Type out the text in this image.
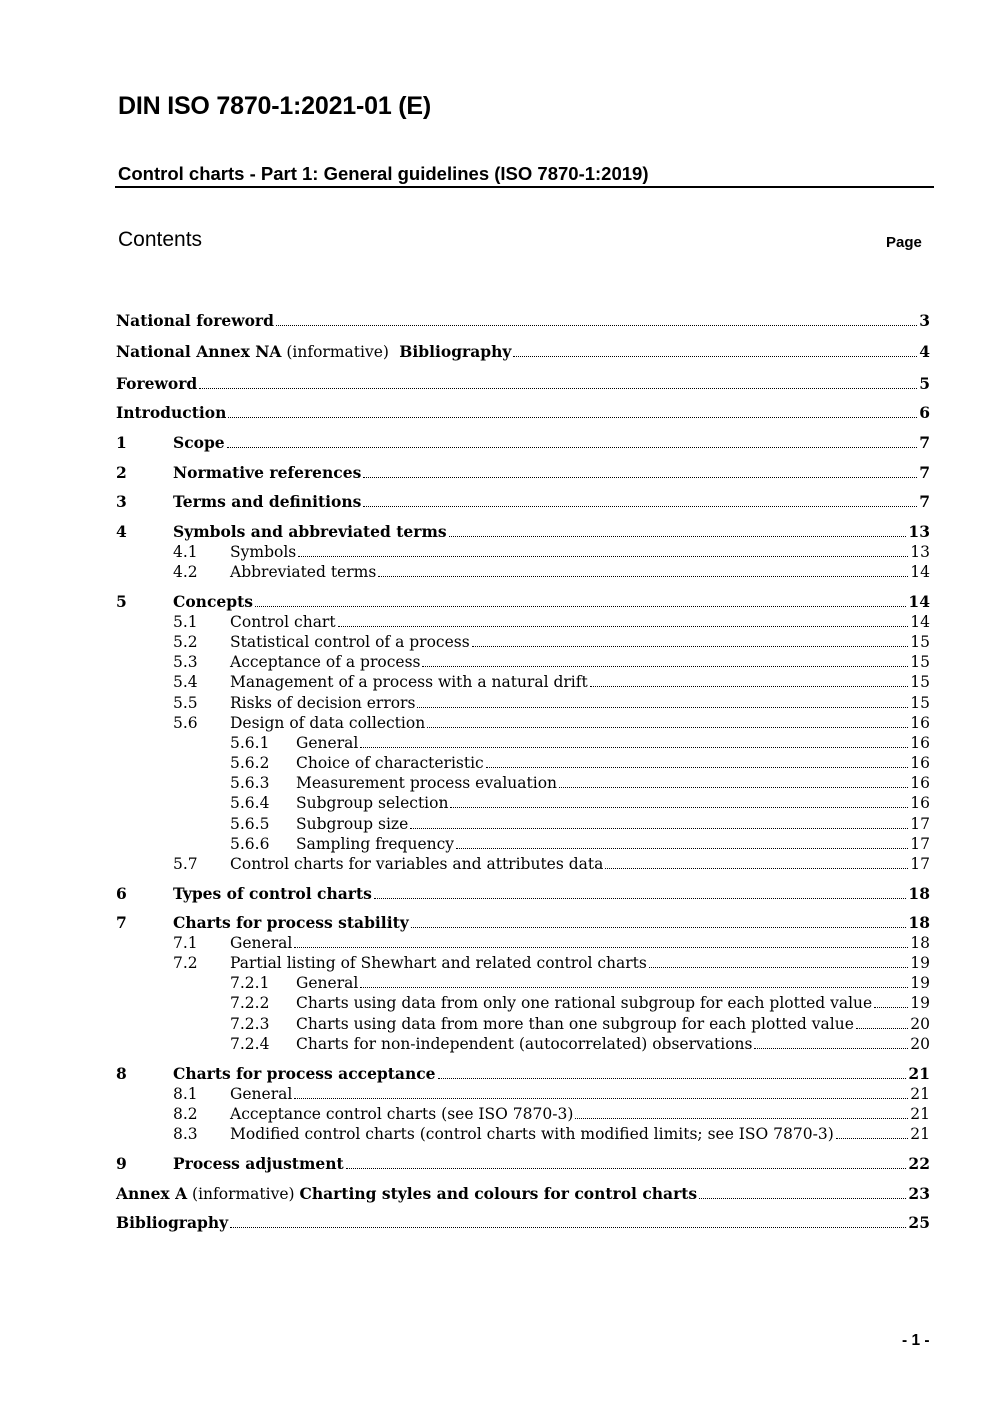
DIN ISO 7870-1:2021-01 (E)
Control charts - Part 1: General guidelines (ISO 7870-1:2019)
Contents	Page
National foreword	3
National Annex NA (informative)  Bibliography	4
Foreword	5
Introduction	6
1	Scope	7
2	Normative references	7
3	Terms and definitions	7
4	Symbols and abbreviated terms	13
4.1	Symbols	13
4.2	Abbreviated terms	14
5	Concepts	14
5.1	Control chart	14
5.2	Statistical control of a process	15
5.3	Acceptance of a process	15
5.4	Management of a process with a natural drift	15
5.5	Risks of decision errors	15
5.6	Design of data collection	16
5.6.1	General	16
5.6.2	Choice of characteristic	16
5.6.3	Measurement process evaluation	16
5.6.4	Subgroup selection	16
5.6.5	Subgroup size	17
5.6.6	Sampling frequency	17
5.7	Control charts for variables and attributes data	17
6	Types of control charts	18
7	Charts for process stability	18
7.1	General	18
7.2	Partial listing of Shewhart and related control charts	19
7.2.1	General	19
7.2.2	Charts using data from only one rational subgroup for each plotted value 19
7.2.3	Charts using data from more than one subgroup for each plotted value	20
7.2.4	Charts for non-independent (autocorrelated) observations	20
8	Charts for process acceptance	21
8.1	General	21
8.2	Acceptance control charts (see ISO 7870-3)	21
8.3	Modified control charts (control charts with modified limits; see ISO 7870-3)	21
9	Process adjustment	22
Annex A (informative) Charting styles and colours for control charts	23
Bibliography	25
- 1 -
